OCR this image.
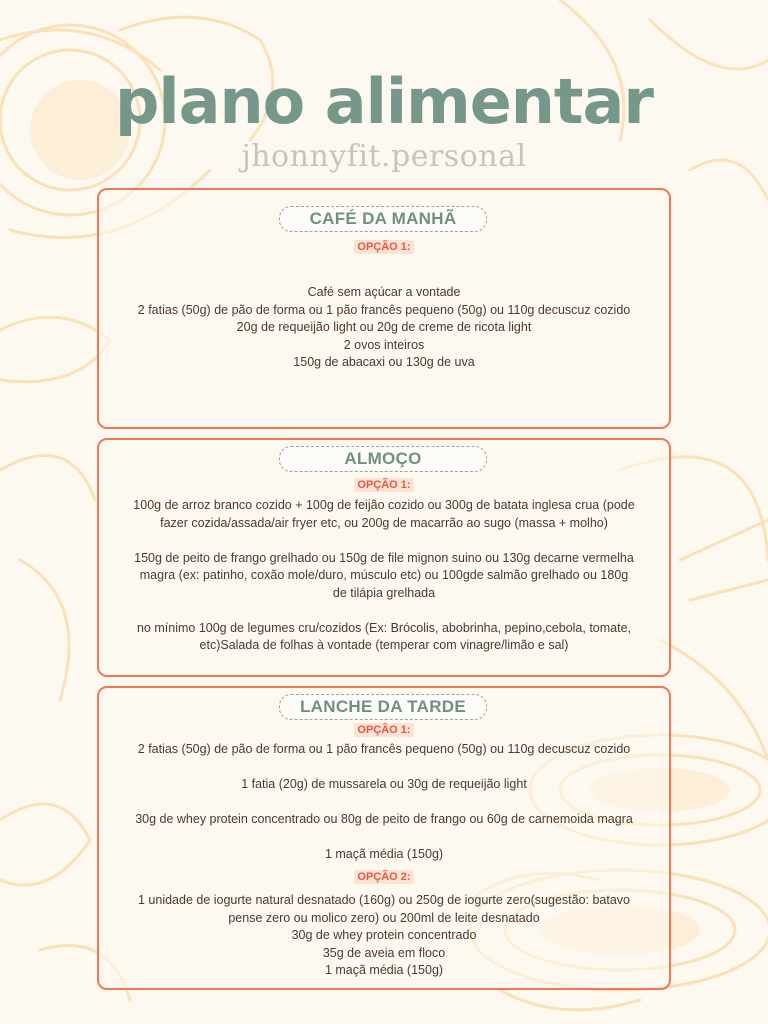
plano alimentar
jhonnyfit.personal
CAFÉ DA MANHÃ
OPÇÃO 1:
Café sem açúcar a vontade
2 fatias (50g) de pão de forma ou 1 pão francês pequeno (50g) ou 110g decuscuz cozido
20g de requeijão light ou 20g de creme de ricota light
2 ovos inteiros
150g de abacaxi ou 130g de uva
ALMOÇO
OPÇÃO 1:
100g de arroz branco cozido + 100g de feijão cozido ou 300g de batata inglesa crua (pode
fazer cozida/assada/air fryer etc, ou 200g de macarrão ao sugo (massa + molho)
150g de peito de frango grelhado ou 150g de file mignon suino ou 130g decarne vermelha
magra (ex: patinho, coxão mole/duro, músculo etc) ou 100gde salmão grelhado ou 180g
de tilápia grelhada
no mínimo 100g de legumes cru/cozidos (Ex: Brócolis, abobrinha, pepino,cebola, tomate,
etc)Salada de folhas à vontade (temperar com vinagre/limão e sal)
LANCHE DA TARDE
OPÇÃO 1:
2 fatias (50g) de pão de forma ou 1 pão francês pequeno (50g) ou 110g decuscuz cozido
1 fatia (20g) de mussarela ou 30g de requeijão light
30g de whey protein concentrado ou 80g de peito de frango ou 60g de carnemoida magra
1 maçã média (150g)
OPÇÃO 2:
1 unidade de iogurte natural desnatado (160g) ou 250g de iogurte zero(sugestão: batavo
pense zero ou molico zero) ou 200ml de leite desnatado
30g de whey protein concentrado
35g de aveia em floco
1 maçã média (150g)
